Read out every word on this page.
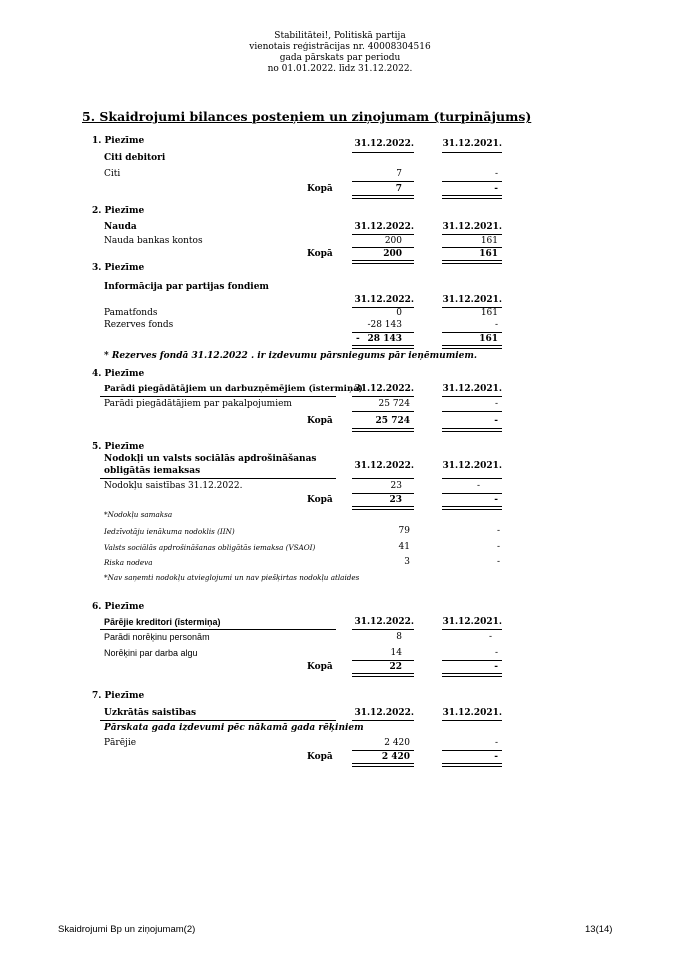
Stabilitātei!, Politiskā partija
vienotais reģistrācijas nr. 40008304516
gada pārskats par periodu
no 01.01.2022. līdz 31.12.2022.
5. Skaidrojumi bilances posteņiem un ziņojumam (turpinājums)
1. Piezīme	31.12.2022.	31.12.2021.
Citi debitori
Citi	7	-
Kopā	7	-
2. Piezīme
Nauda	31.12.2022.	31.12.2021.
Nauda bankas kontos	200	161
Kopā	200	161
3. Piezīme
Informācija par partijas fondiem
31.12.2022.	31.12.2021.
Pamatfonds	0	161
Rezerves fonds	-28 143	-
- 28 143	161
* Rezerves fondā 31.12.2022 . ir izdevumu pārsniegums pār ieņēmumiem.
4. Piezīme
Parādi piegādātājiem un darbuzņēmējiem (īstermiņa)
31.12.2022.	31.12.2021.
Parādi piegādātājiem par pakalpojumiem	25 724	-
Kopā	25 724	-
5. Piezīme
Nodokļi un valsts sociālās apdrošināšanas
obligātās iemaksas	31.12.2022.	31.12.2021.
Nodokļu saistības 31.12.2022.	23	-
Kopā	23	-
*Nodokļu samaksa
Iedzīvotāju ienākuma nodoklis (IIN)	79	-
Valsts sociālās apdrošināšanas obligātās iemaksa (VSAOI)	41	-
Riska nodeva	3	-
*Nav saņemti nodokļu atvieglojumi un nav piešķirtas nodokļu atlaides
6. Piezīme
Pārējie kreditori (īstermiņa)	31.12.2022.	31.12.2021.
Parādi norēķinu personām	8	-
Norēķini par darba algu	14	-
Kopā	22	-
7. Piezīme
Uzkrātās saistības	31.12.2022.	31.12.2021.
Pārskata gada izdevumi pēc nākamā gada rēķiniem
Pārējie	2 420	-
Kopā	2 420	-
Skaidrojumi Bp un ziņojumam(2)	13(14)
